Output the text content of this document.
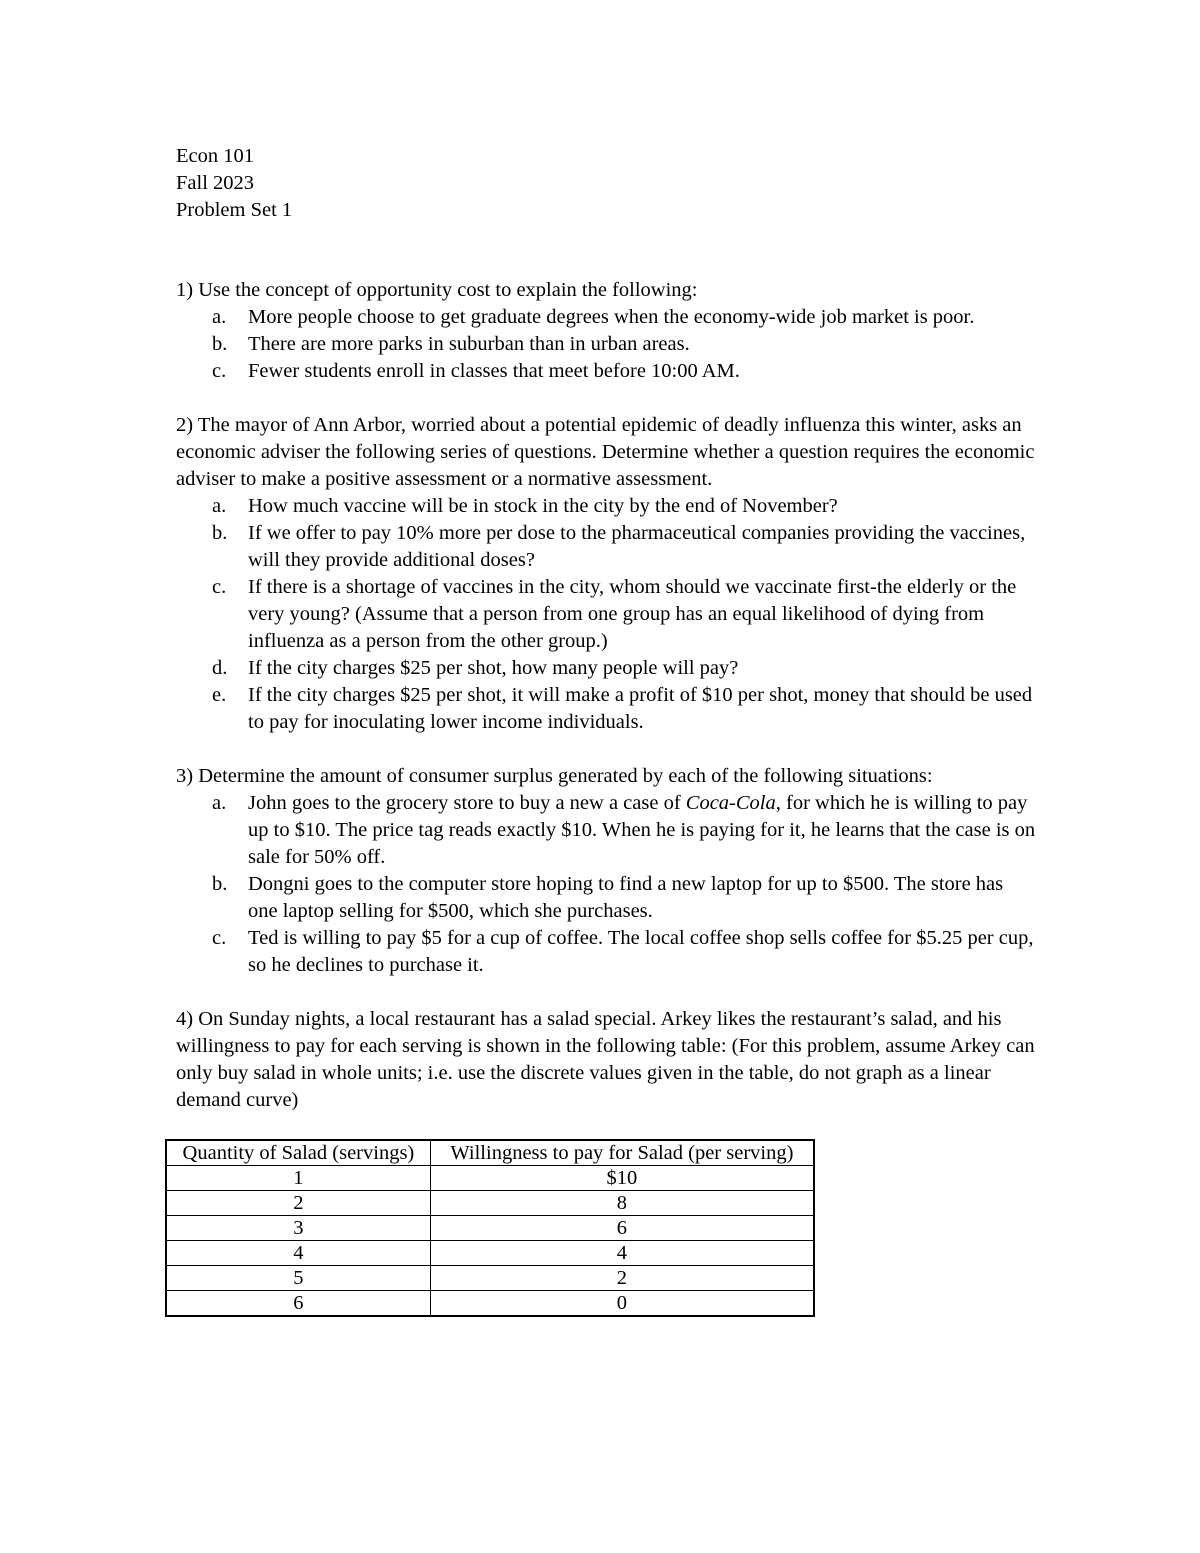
Econ 101
Fall 2023
Problem Set 1
1) Use the concept of opportunity cost to explain the following:
a.	More people choose to get graduate degrees when the economy-wide job market is poor.
b.	There are more parks in suburban than in urban areas.
c.	Fewer students enroll in classes that meet before 10:00 AM.
2) The mayor of Ann Arbor, worried about a potential epidemic of deadly influenza this winter, asks an economic adviser the following series of questions. Determine whether a question requires the economic adviser to make a positive assessment or a normative assessment.
a.	How much vaccine will be in stock in the city by the end of November?
b.	If we offer to pay 10% more per dose to the pharmaceutical companies providing the vaccines, will they provide additional doses?
c.	If there is a shortage of vaccines in the city, whom should we vaccinate first-the elderly or the very young? (Assume that a person from one group has an equal likelihood of dying from influenza as a person from the other group.)
d.	If the city charges $25 per shot, how many people will pay?
e.	If the city charges $25 per shot, it will make a profit of $10 per shot, money that should be used to pay for inoculating lower income individuals.
3) Determine the amount of consumer surplus generated by each of the following situations:
a.	John goes to the grocery store to buy a new a case of Coca-Cola, for which he is willing to pay up to $10. The price tag reads exactly $10. When he is paying for it, he learns that the case is on sale for 50% off.
b.	Dongni goes to the computer store hoping to find a new laptop for up to $500. The store has one laptop selling for $500, which she purchases.
c.	Ted is willing to pay $5 for a cup of coffee. The local coffee shop sells coffee for $5.25 per cup, so he declines to purchase it.
4) On Sunday nights, a local restaurant has a salad special. Arkey likes the restaurant’s salad, and his willingness to pay for each serving is shown in the following table: (For this problem, assume Arkey can only buy salad in whole units; i.e. use the discrete values given in the table, do not graph as a linear demand curve)
Quantity of Salad (servings)	Willingness to pay for Salad (per serving)
1	$10
2	8
3	6
4	4
5	2
6	0
